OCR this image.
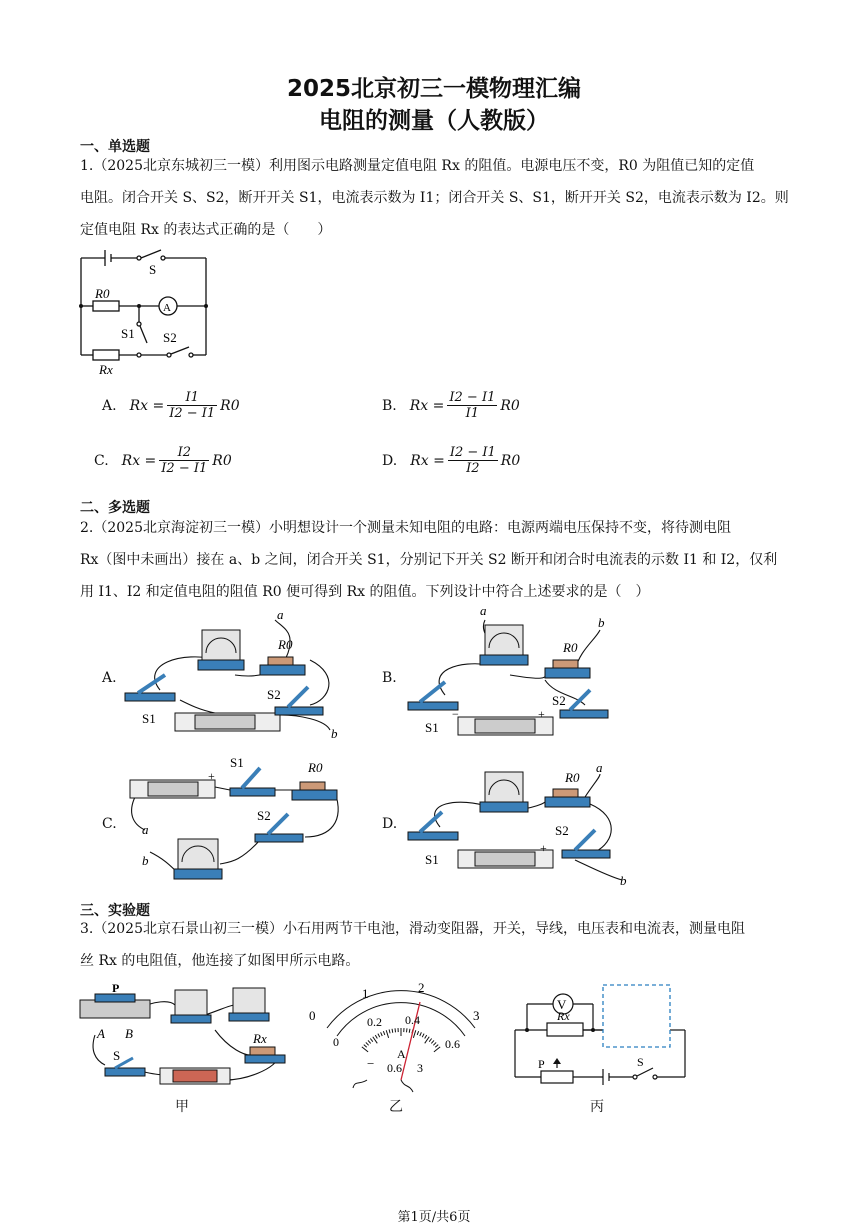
2025北京初三一模物理汇编
电阻的测量（人教版）
一、单选题
1.（2025北京东城初三一模）利用图示电路测量定值电阻 Rx 的阻值。电源电压不变，R0 为阻值已知的定值
电阻。闭合开关 S、S2，断开开关 S1，电流表示数为 I1；闭合开关 S、S1，断开开关 S2，电流表示数为 I2。则
定值电阻 Rx 的表达式正确的是（　　）
S
R0
A
S1 S2
Rx
A. $Rx = \frac{I1}{I2 - I1} R0$	B. $Rx = \frac{I2 - I1}{I1} R0$
C. $Rx = \frac{I2}{I2 - I1} R0$	D. $Rx = \frac{I2 - I1}{I2} R0$
二、多选题
2.（2025北京海淀初三一模）小明想设计一个测量未知电阻的电路：电源两端电压保持不变，将待测电阻
Rx（图中未画出）接在 a、b 之间，闭合开关 S1，分别记下开关 S2 断开和闭合时电流表的示数 I1 和 I2，仅利
用 I1、I2 和定值电阻的阻值 R0 便可得到 Rx 的阻值。下列设计中符合上述要求的是（　）
A.	B.
C.	D.
a
R0
S2
S1
b
a
b
R0
S2
S1
−	+
S1	R0
S2
a
b
+	R0
a
S2
S1
b
+
三、实验题
3.（2025北京石景山初三一模）小石用两节干电池，滑动变阻器，开关，导线，电压表和电流表，测量电阻
丝 Rx 的电阻值，他连接了如图甲所示电路。
P
A B
S
Rx
0
1	2
3
0
0.2 0.4
0.6
A
− 0.6 3
V
Rx
P	S
甲	乙	丙
第1页/共6页
